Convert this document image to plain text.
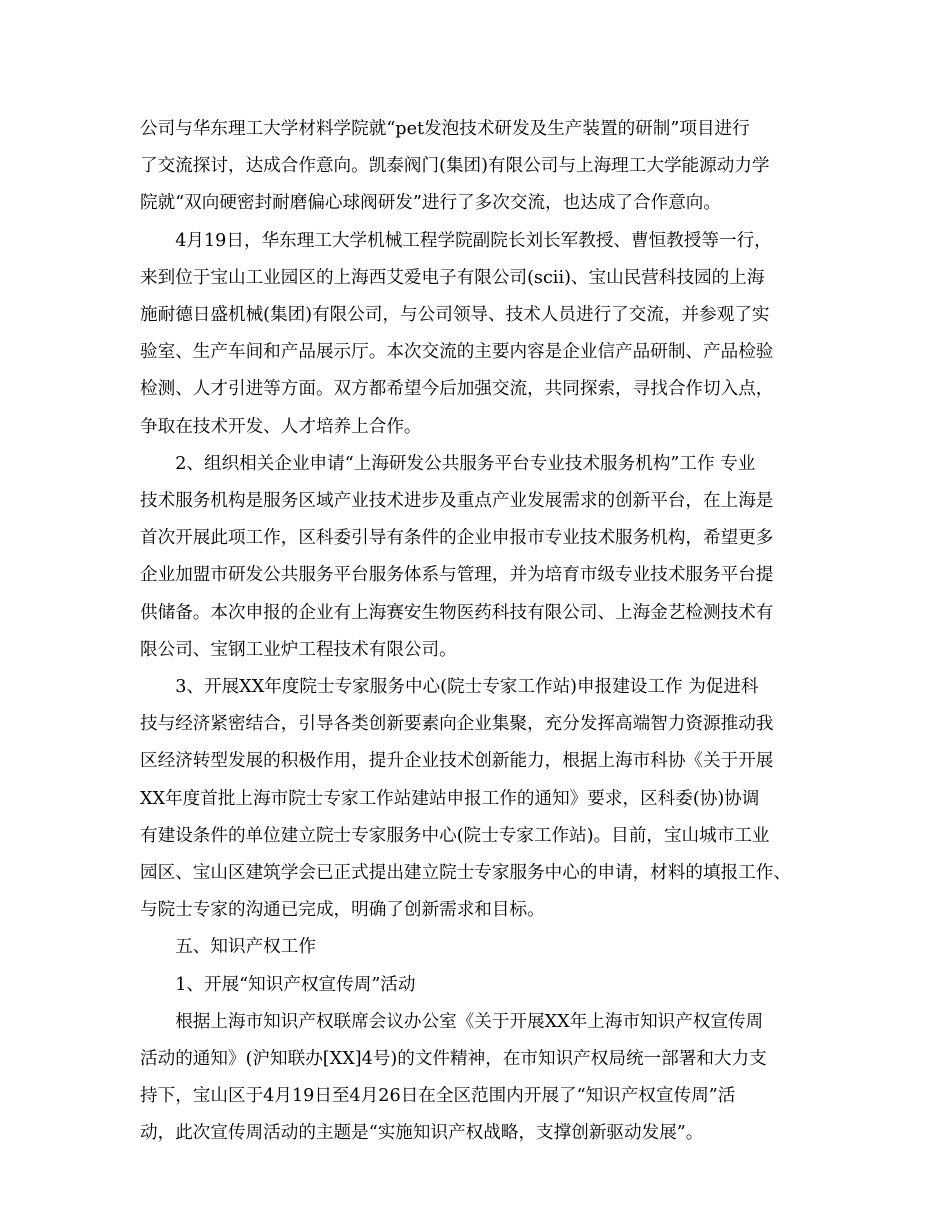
公司与华东理工大学材料学院就“pet发泡技术研发及生产装置的研制”项目进行
了交流探讨，达成合作意向。凯泰阀门(集团)有限公司与上海理工大学能源动力学
院就“双向硬密封耐磨偏心球阀研发”进行了多次交流，也达成了合作意向。

4月19日，华东理工大学机械工程学院副院长刘长军教授、曹恒教授等一行，
来到位于宝山工业园区的上海西艾爱电子有限公司(scii)、宝山民营科技园的上海
施耐德日盛机械(集团)有限公司，与公司领导、技术人员进行了交流，并参观了实
验室、生产车间和产品展示厅。本次交流的主要内容是企业信产品研制、产品检验
检测、人才引进等方面。双方都希望今后加强交流，共同探索，寻找合作切入点，
争取在技术开发、人才培养上合作。

2、组织相关企业申请“上海研发公共服务平台专业技术服务机构”工作 专业
技术服务机构是服务区域产业技术进步及重点产业发展需求的创新平台，在上海是
首次开展此项工作，区科委引导有条件的企业申报市专业技术服务机构，希望更多
企业加盟市研发公共服务平台服务体系与管理，并为培育市级专业技术服务平台提
供储备。本次申报的企业有上海赛安生物医药科技有限公司、上海金艺检测技术有
限公司、宝钢工业炉工程技术有限公司。

3、开展XX年度院士专家服务中心(院士专家工作站)申报建设工作 为促进科
技与经济紧密结合，引导各类创新要素向企业集聚，充分发挥高端智力资源推动我
区经济转型发展的积极作用，提升企业技术创新能力，根据上海市科协《关于开展
XX年度首批上海市院士专家工作站建站申报工作的通知》要求，区科委(协)协调
有建设条件的单位建立院士专家服务中心(院士专家工作站)。目前，宝山城市工业
园区、宝山区建筑学会已正式提出建立院士专家服务中心的申请，材料的填报工作、
与院士专家的沟通已完成，明确了创新需求和目标。

五、知识产权工作

1、开展“知识产权宣传周”活动

根据上海市知识产权联席会议办公室《关于开展XX年上海市知识产权宣传周
活动的通知》(沪知联办[XX]4号)的文件精神，在市知识产权局统一部署和大力支
持下，宝山区于4月19日至4月26日在全区范围内开展了“知识产权宣传周”活
动，此次宣传周活动的主题是“实施知识产权战略，支撑创新驱动发展”。
